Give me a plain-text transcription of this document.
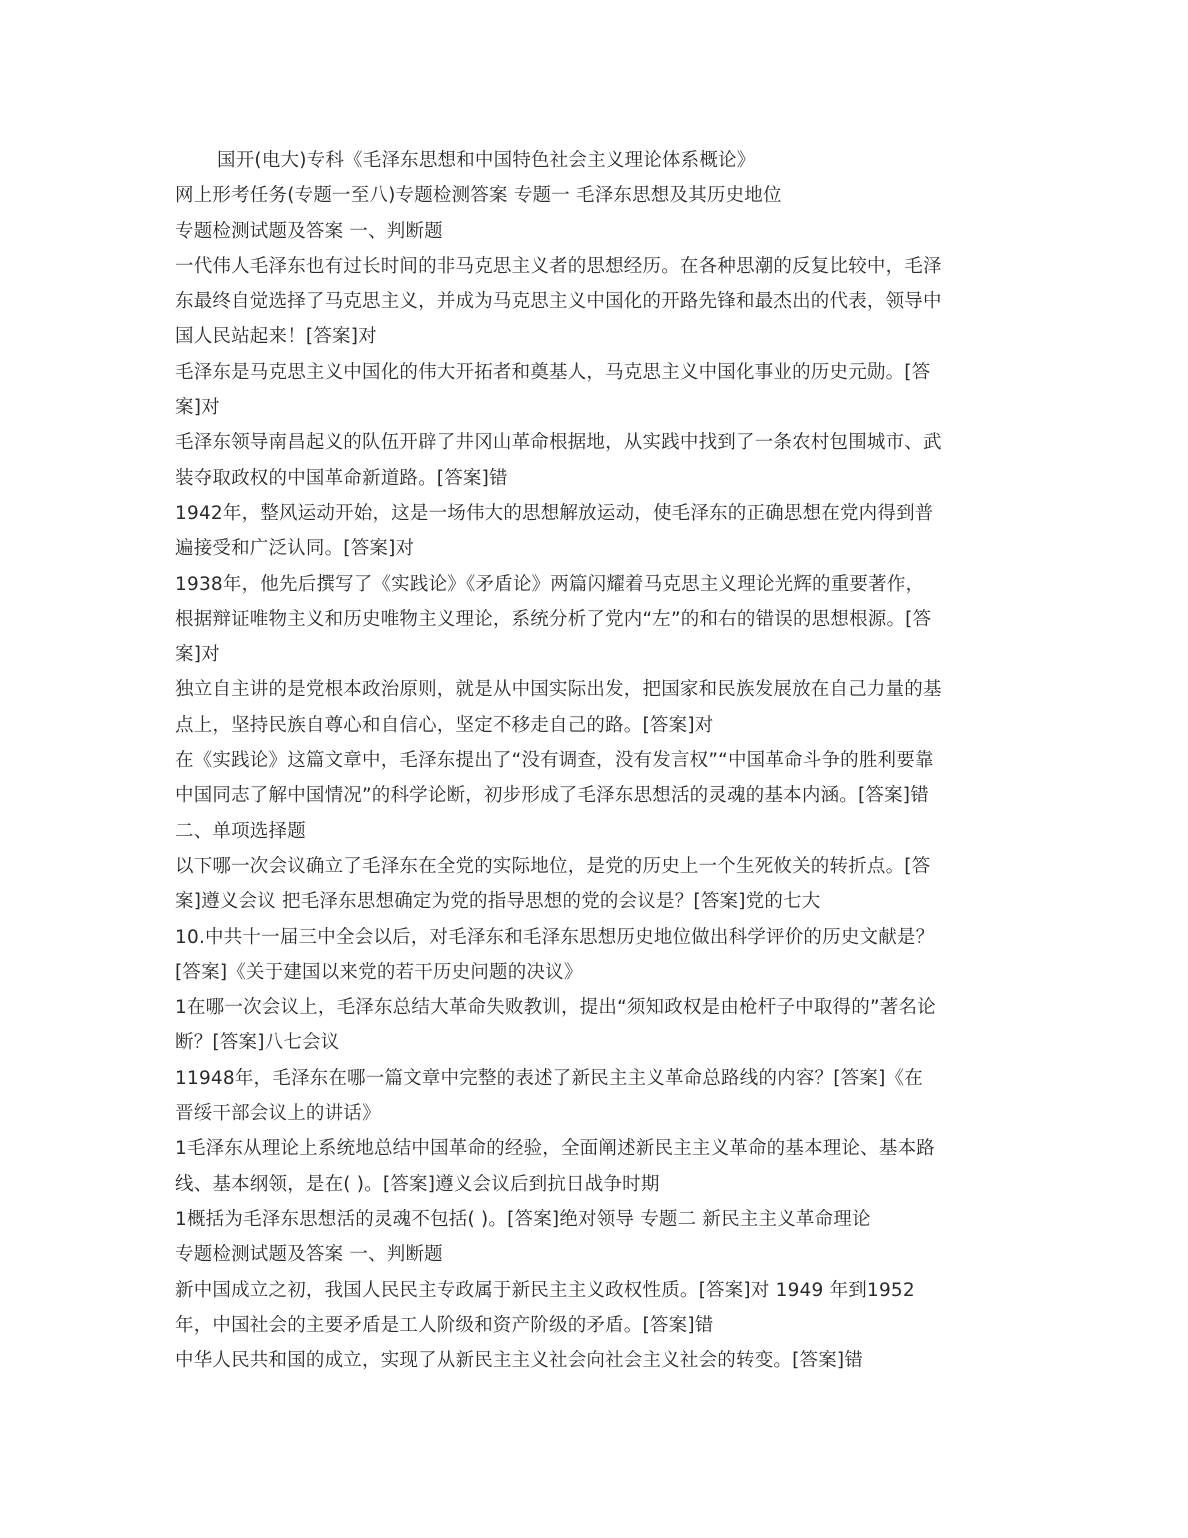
国开(电大)专科《毛泽东思想和中国特色社会主义理论体系概论》
网上形考任务(专题一至八)专题检测答案 专题一 毛泽东思想及其历史地位
专题检测试题及答案 一、判断题
一代伟人毛泽东也有过长时间的非马克思主义者的思想经历。在各种思潮的反复比较中，毛泽
东最终自觉选择了马克思主义，并成为马克思主义中国化的开路先锋和最杰出的代表，领导中
国人民站起来！[答案]对
毛泽东是马克思主义中国化的伟大开拓者和奠基人，马克思主义中国化事业的历史元勋。[答
案]对
毛泽东领导南昌起义的队伍开辟了井冈山革命根据地，从实践中找到了一条农村包围城市、武
装夺取政权的中国革命新道路。[答案]错
1942年，整风运动开始，这是一场伟大的思想解放运动，使毛泽东的正确思想在党内得到普
遍接受和广泛认同。[答案]对
1938年，他先后撰写了《实践论》《矛盾论》两篇闪耀着马克思主义理论光辉的重要著作，
根据辩证唯物主义和历史唯物主义理论，系统分析了党内“左”的和右的错误的思想根源。[答
案]对
独立自主讲的是党根本政治原则，就是从中国实际出发，把国家和民族发展放在自己力量的基
点上，坚持民族自尊心和自信心，坚定不移走自己的路。[答案]对
在《实践论》这篇文章中，毛泽东提出了“没有调查，没有发言权”“中国革命斗争的胜利要靠
中国同志了解中国情况”的科学论断，初步形成了毛泽东思想活的灵魂的基本内涵。[答案]错
二、单项选择题
以下哪一次会议确立了毛泽东在全党的实际地位，是党的历史上一个生死攸关的转折点。[答
案]遵义会议 把毛泽东思想确定为党的指导思想的党的会议是？[答案]党的七大
10.中共十一届三中全会以后，对毛泽东和毛泽东思想历史地位做出科学评价的历史文献是？
[答案]《关于建国以来党的若干历史问题的决议》
1在哪一次会议上，毛泽东总结大革命失败教训，提出“须知政权是由枪杆子中取得的”著名论
断？[答案]八七会议
11948年，毛泽东在哪一篇文章中完整的表述了新民主主义革命总路线的内容？[答案]《在
晋绥干部会议上的讲话》
1毛泽东从理论上系统地总结中国革命的经验，全面阐述新民主主义革命的基本理论、基本路
线、基本纲领，是在( )。[答案]遵义会议后到抗日战争时期
1概括为毛泽东思想活的灵魂不包括( )。[答案]绝对领导 专题二 新民主主义革命理论
专题检测试题及答案 一、判断题
新中国成立之初，我国人民民主专政属于新民主主义政权性质。[答案]对 1949 年到1952
年，中国社会的主要矛盾是工人阶级和资产阶级的矛盾。[答案]错
中华人民共和国的成立，实现了从新民主主义社会向社会主义社会的转变。[答案]错
